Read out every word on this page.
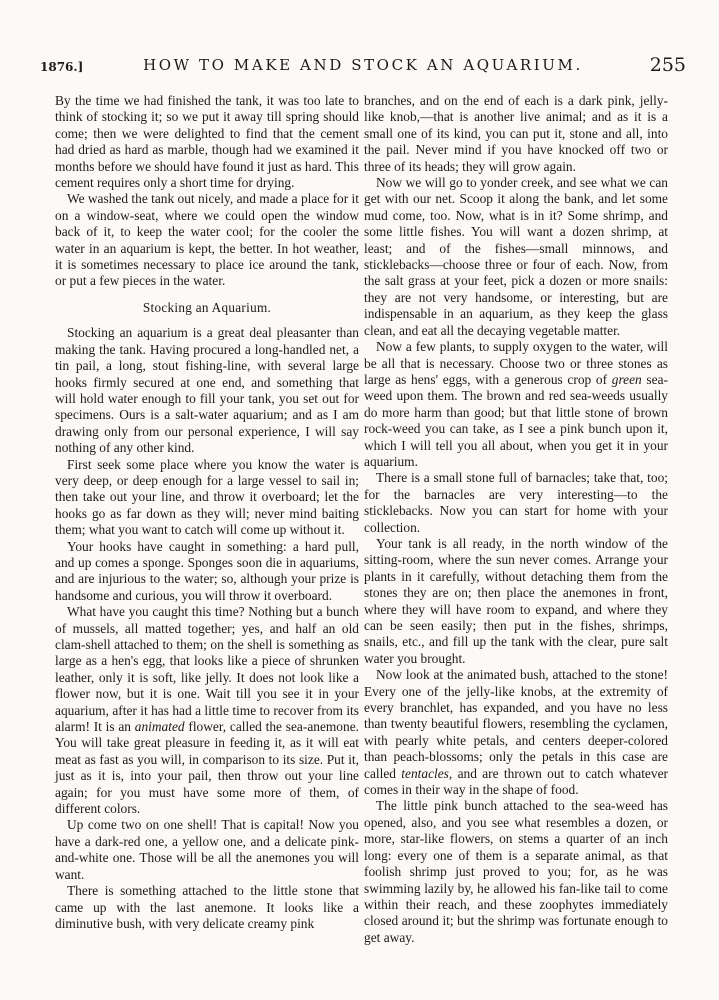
1876.]	HOW TO MAKE AND STOCK AN AQUARIUM.	255

By the time we had finished the tank, it was too late to think of stocking it; so we put it away till spring should come; then we were delighted to find that the cement had dried as hard as marble, though had we examined it months before we should have found it just as hard. This cement requires only a short time for drying.

We washed the tank out nicely, and made a place for it on a window-seat, where we could open the window back of it, to keep the water cool; for the cooler the water in an aquarium is kept, the better. In hot weather, it is sometimes necessary to place ice around the tank, or put a few pieces in the water.

Stocking an Aquarium.

Stocking an aquarium is a great deal pleasanter than making the tank. Having procured a long-handled net, a tin pail, a long, stout fishing-line, with several large hooks firmly secured at one end, and something that will hold water enough to fill your tank, you set out for specimens. Ours is a salt-water aquarium; and as I am drawing only from our personal experience, I will say nothing of any other kind.

First seek some place where you know the water is very deep, or deep enough for a large vessel to sail in; then take out your line, and throw it overboard; let the hooks go as far down as they will; never mind baiting them; what you want to catch will come up without it.

Your hooks have caught in something: a hard pull, and up comes a sponge. Sponges soon die in aquariums, and are injurious to the water; so, although your prize is handsome and curious, you will throw it overboard.

What have you caught this time? Nothing but a bunch of mussels, all matted together; yes, and half an old clam-shell attached to them; on the shell is something as large as a hen's egg, that looks like a piece of shrunken leather, only it is soft, like jelly. It does not look like a flower now, but it is one. Wait till you see it in your aquarium, after it has had a little time to recover from its alarm! It is an animated flower, called the sea-anemone. You will take great pleasure in feeding it, as it will eat meat as fast as you will, in comparison to its size. Put it, just as it is, into your pail, then throw out your line again; for you must have some more of them, of different colors.

Up come two on one shell! That is capital! Now you have a dark-red one, a yellow one, and a delicate pink-and-white one. Those will be all the anemones you will want.

There is something attached to the little stone that came up with the last anemone. It looks like a diminutive bush, with very delicate creamy pink

branches, and on the end of each is a dark pink, jelly-like knob,—that is another live animal; and as it is a small one of its kind, you can put it, stone and all, into the pail. Never mind if you have knocked off two or three of its heads; they will grow again.

Now we will go to yonder creek, and see what we can get with our net. Scoop it along the bank, and let some mud come, too. Now, what is in it? Some shrimp, and some little fishes. You will want a dozen shrimp, at least; and of the fishes—small minnows, and sticklebacks—choose three or four of each. Now, from the salt grass at your feet, pick a dozen or more snails: they are not very handsome, or interesting, but are indispensable in an aquarium, as they keep the glass clean, and eat all the decaying vegetable matter.

Now a few plants, to supply oxygen to the water, will be all that is necessary. Choose two or three stones as large as hens' eggs, with a generous crop of green sea-weed upon them. The brown and red sea-weeds usually do more harm than good; but that little stone of brown rock-weed you can take, as I see a pink bunch upon it, which I will tell you all about, when you get it in your aquarium.

There is a small stone full of barnacles; take that, too; for the barnacles are very interesting—to the sticklebacks. Now you can start for home with your collection.

Your tank is all ready, in the north window of the sitting-room, where the sun never comes. Arrange your plants in it carefully, without detaching them from the stones they are on; then place the anemones in front, where they will have room to expand, and where they can be seen easily; then put in the fishes, shrimps, snails, etc., and fill up the tank with the clear, pure salt water you brought.

Now look at the animated bush, attached to the stone! Every one of the jelly-like knobs, at the extremity of every branchlet, has expanded, and you have no less than twenty beautiful flowers, resembling the cyclamen, with pearly white petals, and centers deeper-colored than peach-blossoms; only the petals in this case are called tentacles, and are thrown out to catch whatever comes in their way in the shape of food.

The little pink bunch attached to the sea-weed has opened, also, and you see what resembles a dozen, or more, star-like flowers, on stems a quarter of an inch long: every one of them is a separate animal, as that foolish shrimp just proved to you; for, as he was swimming lazily by, he allowed his fan-like tail to come within their reach, and these zoophytes immediately closed around it; but the shrimp was fortunate enough to get away.
